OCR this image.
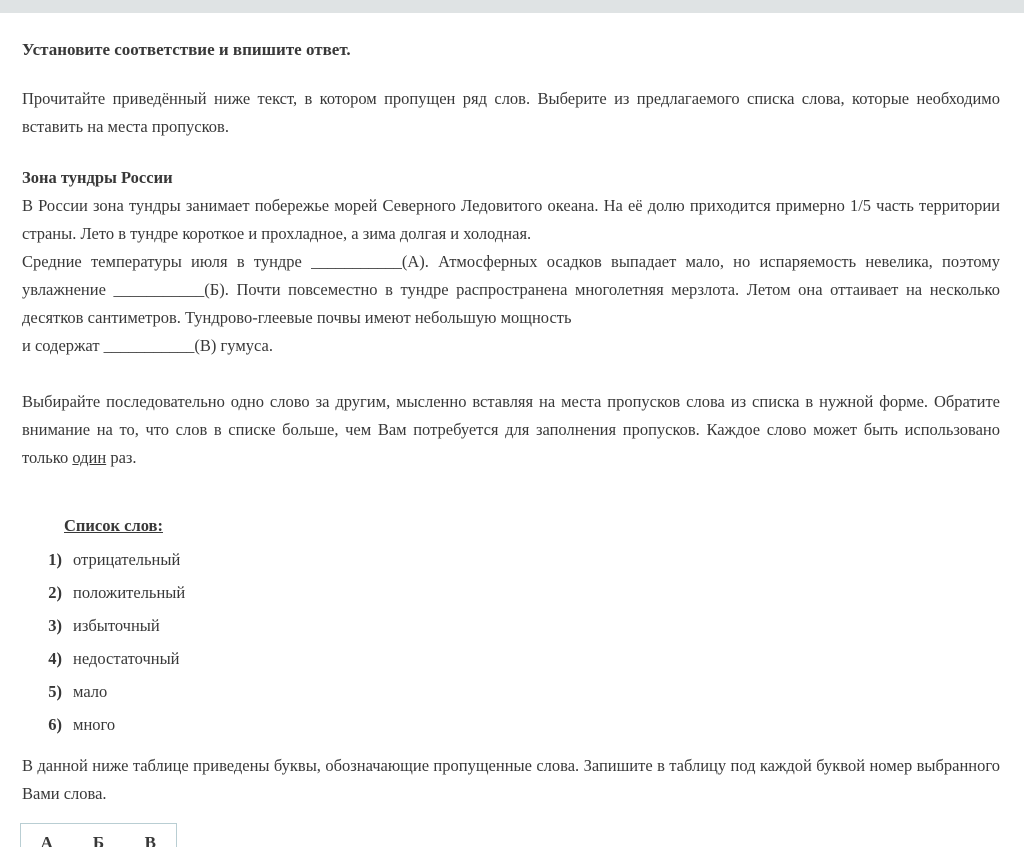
Установите соответствие и впишите ответ.

Прочитайте приведённый ниже текст, в котором пропущен ряд слов. Выберите из предлагаемого списка слова, которые необходимо вставить на места пропусков.

Зона тундры России
В России зона тундры занимает побережье морей Северного Ледовитого океана. На её долю приходится примерно 1/5 часть территории страны. Лето в тундре короткое и прохладное, а зима долгая и холодная.
Средние температуры июля в тундре ___________(А). Атмосферных осадков выпадает мало, но испаряемость невелика, поэтому увлажнение ___________(Б). Почти повсеместно в тундре распространена многолетняя мерзлота. Летом она оттаивает на несколько десятков сантиметров. Тундрово-глеевые почвы имеют небольшую мощность
и содержат ___________(В) гумуса.

Выбирайте последовательно одно слово за другим, мысленно вставляя на места пропусков слова из списка в нужной форме. Обратите внимание на то, что слов в списке больше, чем Вам потребуется для заполнения пропусков. Каждое слово может быть использовано только один раз.

Список слов:
1) отрицательный
2) положительный
3) избыточный
4) недостаточный
5) мало
6) много

В данной ниже таблице приведены буквы, обозначающие пропущенные слова. Запишите в таблицу под каждой буквой номер выбранного Вами слова.

А	Б	В
